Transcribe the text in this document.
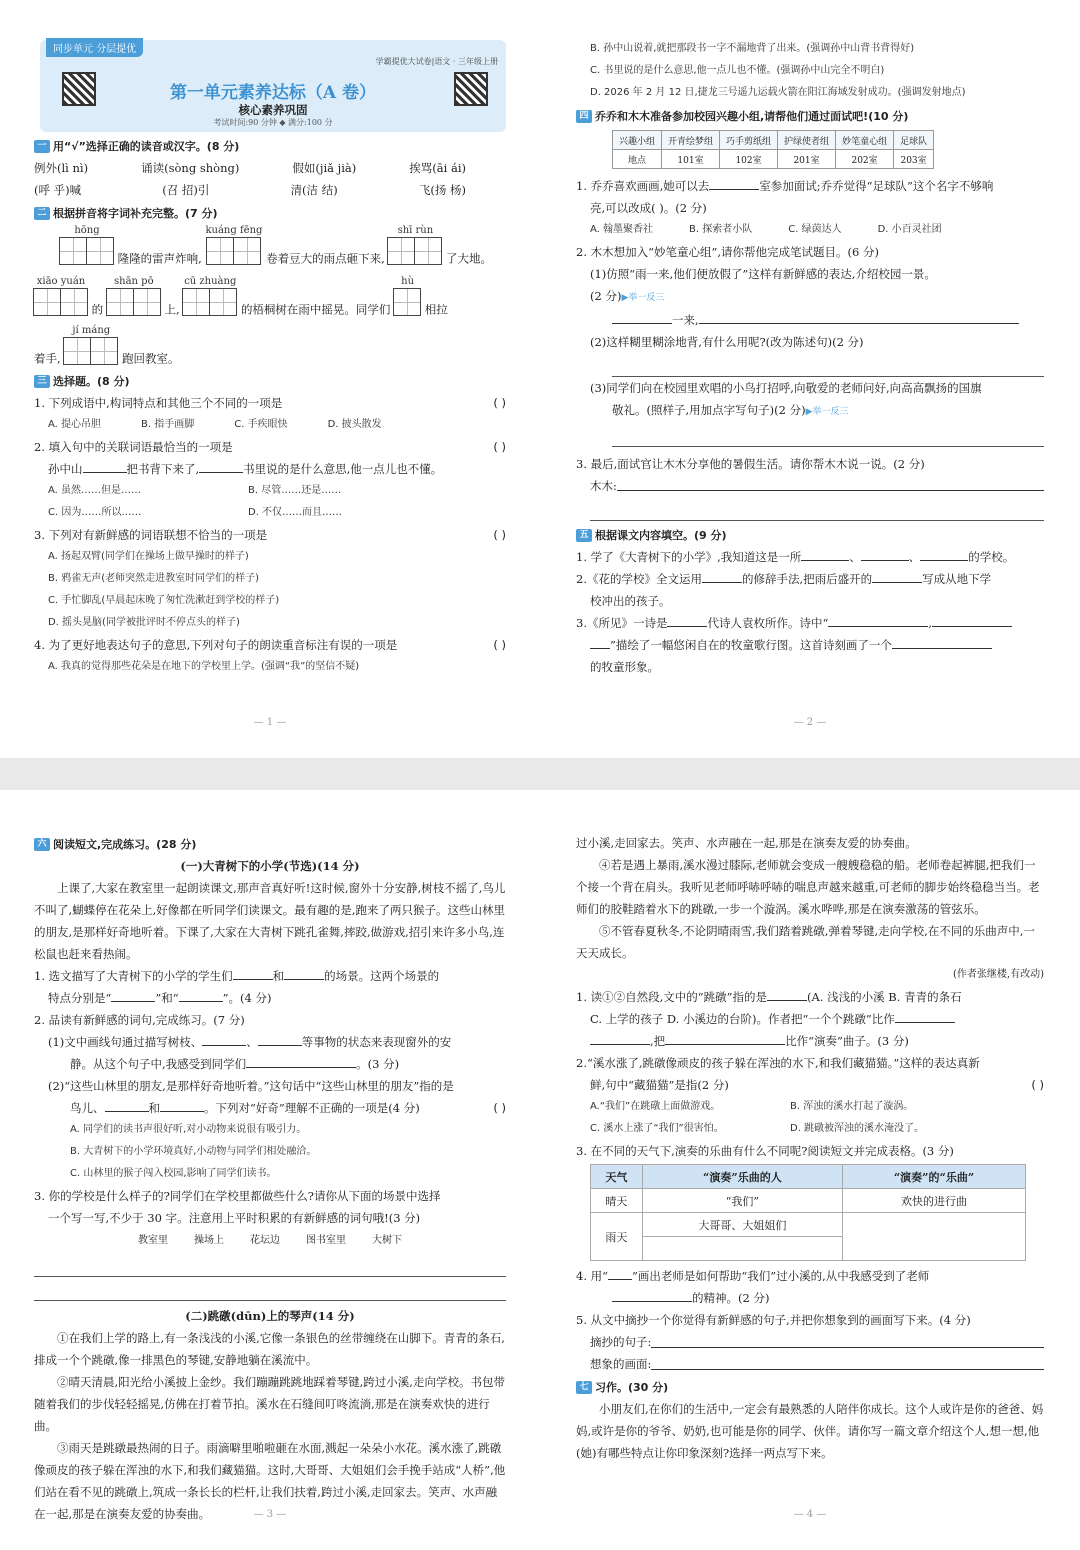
同步单元 分层提优
学霸提优大试卷|语文 · 三年级上册
第一单元素养达标（A 卷）
核心素养巩固
考试时间:90 分钟 ◆ 满分:100 分
一 用“√”选择正确的读音或汉字。(8 分)
例外(lì nì)	诵读(sòng shòng)	假如(jiǎ jià)	挨骂(āi ái)
(呼 乎)喊	(召 招)引	清(洁 结)	飞(扬 杨)
二 根据拼音将字词补充完整。(7 分)
hōng
隆隆的雷声炸响,
kuáng fēng
卷着豆大的雨点砸下来,
shī rùn
了大地。
xiāo yuán
的
shān pō
上,
cū zhuàng
的梧桐树在雨中摇晃。同学们
hù
相拉
着手,
jí máng
跑回教室。
三 选择题。(8 分)
1. 下列成语中,构词特点和其他三个不同的一项是	( )
A. 提心吊胆	B. 指手画脚	C. 手疾眼快	D. 披头散发
2. 填入句中的关联词语最恰当的一项是	( )
孙中山	把书背下来了,	书里说的是什么意思,他一点儿也不懂。
A. 虽然……但是……	B. 尽管……还是……
C. 因为……所以……	D. 不仅……而且……
3. 下列对有新鲜感的词语联想不恰当的一项是	( )
A. 扬起双臂(同学们在操场上做早操时的样子)
B. 鸦雀无声(老师突然走进教室时同学们的样子)
C. 手忙脚乱(早晨起床晚了匆忙洗漱赶到学校的样子)
D. 摇头晃脑(同学被批评时不停点头的样子)
4. 为了更好地表达句子的意思,下列对句子的朗读重音标注有误的一项是	( )
A. 我真的觉得那些花朵是在地下的学校里上学。(强调“我”的坚信不疑)
— 1 —
B. 孙中山说着,就把那段书一字不漏地背了出来。(强调孙中山背书背得好)
C. 书里说的是什么意思,他一点儿也不懂。(强调孙中山完全不明白)
D. 2026 年 2 月 12 日,捷龙三号遥九运载火箭在阳江海域发射成功。(强调发射地点)
四 乔乔和木木准备参加校园兴趣小组,请帮他们通过面试吧!(10 分)
兴趣小组	开青绘梦组	巧手剪纸组	护绿使者组	妙笔童心组	足球队
地点	101室	102室	201室	202室	203室
1. 乔乔喜欢画画,她可以去	室参加面试;乔乔觉得“足球队”这个名字不够响
亮,可以改成( )。(2 分)
A. 翰墨聚香社	B. 探索者小队	C. 绿茵达人	D. 小百灵社团
2. 木木想加入“妙笔童心组”,请你帮他完成笔试题目。(6 分)
(1)仿照“雨一来,他们便放假了”这样有新鲜感的表达,介绍校园一景。
(2 分)▶举一反三
一来,
(2)这样糊里糊涂地背,有什么用呢?(改为陈述句)(2 分)
(3)同学们向在校园里欢唱的小鸟打招呼,向敬爱的老师问好,向高高飘扬的国旗
敬礼。(照样子,用加点字写句子)(2 分)▶举一反三
3. 最后,面试官让木木分享他的暑假生活。请你帮木木说一说。(2 分)
木木:
五 根据课文内容填空。(9 分)
1. 学了《大青树下的小学》,我知道这是一所	、	、	的学校。
2.《花的学校》全文运用	的修辞手法,把雨后盛开的	写成从地下学
校冲出的孩子。
3.《所见》一诗是	代诗人袁枚所作。诗中“	,
”描绘了一幅悠闲自在的牧童歌行图。这首诗刻画了一个
的牧童形象。
— 2 —
六 阅读短文,完成练习。(28 分)
(一)大青树下的小学(节选)(14 分)
上课了,大家在教室里一起朗读课文,那声音真好听!这时候,窗外十分安静,树枝不摇了,鸟儿不叫了,蝴蝶停在花朵上,好像都在听同学们读课文。最有趣的是,跑来了两只猴子。这些山林里的朋友,是那样好奇地听着。下课了,大家在大青树下跳孔雀舞,摔跤,做游戏,招引来许多小鸟,连松鼠也赶来看热闹。
1. 选文描写了大青树下的小学的学生们	和	的场景。这两个场景的
特点分别是“	”和“	”。(4 分)
2. 品读有新鲜感的词句,完成练习。(7 分)
(1)文中画线句通过描写树枝、	、	等事物的状态来表现窗外的安
静。从这个句子中,我感受到同学们	。(3 分)
(2)“这些山林里的朋友,是那样好奇地听着。”这句话中“这些山林里的朋友”指的是
鸟儿、	和	。下列对“好奇”理解不正确的一项是(4 分)	( )
A. 同学们的读书声很好听,对小动物来说很有吸引力。
B. 大青树下的小学环境真好,小动物与同学们相处融洽。
C. 山林里的猴子闯入校园,影响了同学们读书。
3. 你的学校是什么样子的?同学们在学校里都做些什么?请你从下面的场景中选择
一个写一写,不少于 30 字。注意用上平时积累的有新鲜感的词句哦!(3 分)
教室里	操场上	花坛边	图书室里	大树下
(二)跳礅(dūn)上的琴声(14 分)
①在我们上学的路上,有一条浅浅的小溪,它像一条银色的丝带缠绕在山脚下。青青的条石,排成一个个跳礅,像一排黑色的琴键,安静地躺在溪流中。
②晴天清晨,阳光给小溪披上金纱。我们蹦蹦跳跳地踩着琴键,跨过小溪,走向学校。书包带随着我们的步伐轻轻摇晃,仿佛在打着节拍。溪水在石缝间叮咚流淌,那是在演奏欢快的进行曲。
③雨天是跳礅最热闹的日子。雨滴噼里啪啦砸在水面,溅起一朵朵小水花。溪水涨了,跳礅像顽皮的孩子躲在浑浊的水下,和我们藏猫猫。这时,大哥哥、大姐姐们会手挽手站成“人桥”,他们站在看不见的跳礅上,筑成一条长长的栏杆,让我们扶着,跨过小溪,走回家去。笑声、水声融在一起,那是在演奏友爱的协奏曲。	— 3 —
过小溪,走回家去。笑声、水声融在一起,那是在演奏友爱的协奏曲。
④若是遇上暴雨,溪水漫过膝际,老师就会变成一艘艘稳稳的船。老师卷起裤腿,把我们一个接一个背在肩头。我听见老师呼哧呼哧的喘息声越来越重,可老师的脚步始终稳稳当当。老师们的胶鞋踏着水下的跳礅,一步一个漩涡。溪水哗哗,那是在演奏激荡的管弦乐。
⑤不管春夏秋冬,不论阴晴雨雪,我们踏着跳礅,弹着琴键,走向学校,在不同的乐曲声中,一天天成长。
(作者张继楼,有改动)
1. 读①②自然段,文中的“跳礅”指的是	(A. 浅浅的小溪 B. 青青的条石
C. 上学的孩子 D. 小溪边的台阶)。作者把“一个个跳礅”比作
,把	比作“演奏”曲子。(3 分)
2.“溪水涨了,跳礅像顽皮的孩子躲在浑浊的水下,和我们藏猫猫。”这样的表达真新
鲜,句中“藏猫猫”是指(2 分)	( )
A.“我们”在跳礅上面做游戏。	B. 浑浊的溪水打起了漩涡。
C. 溪水上涨了“我们”很害怕。	D. 跳礅被浑浊的溪水淹没了。
3. 在不同的天气下,演奏的乐曲有什么不同呢?阅读短文并完成表格。(3 分)
天气	“演奏”乐曲的人	“演奏”的“乐曲”
晴天	“我们”	欢快的进行曲
雨天	大哥哥、大姐姐们	

4. 用“ ”画出老师是如何帮助“我们”过小溪的,从中我感受到了老师
的精神。(2 分)
5. 从文中摘抄一个你觉得有新鲜感的句子,并把你想象到的画面写下来。(4 分)
摘抄的句子:
想象的画面:
七 习作。(30 分)
小朋友们,在你们的生活中,一定会有最熟悉的人陪伴你成长。这个人或许是你的爸爸、妈妈,或许是你的爷爷、奶奶,也可能是你的同学、伙伴。请你写一篇文章介绍这个人,想一想,他(她)有哪些特点让你印象深刻?选择一两点写下来。
— 4 —
